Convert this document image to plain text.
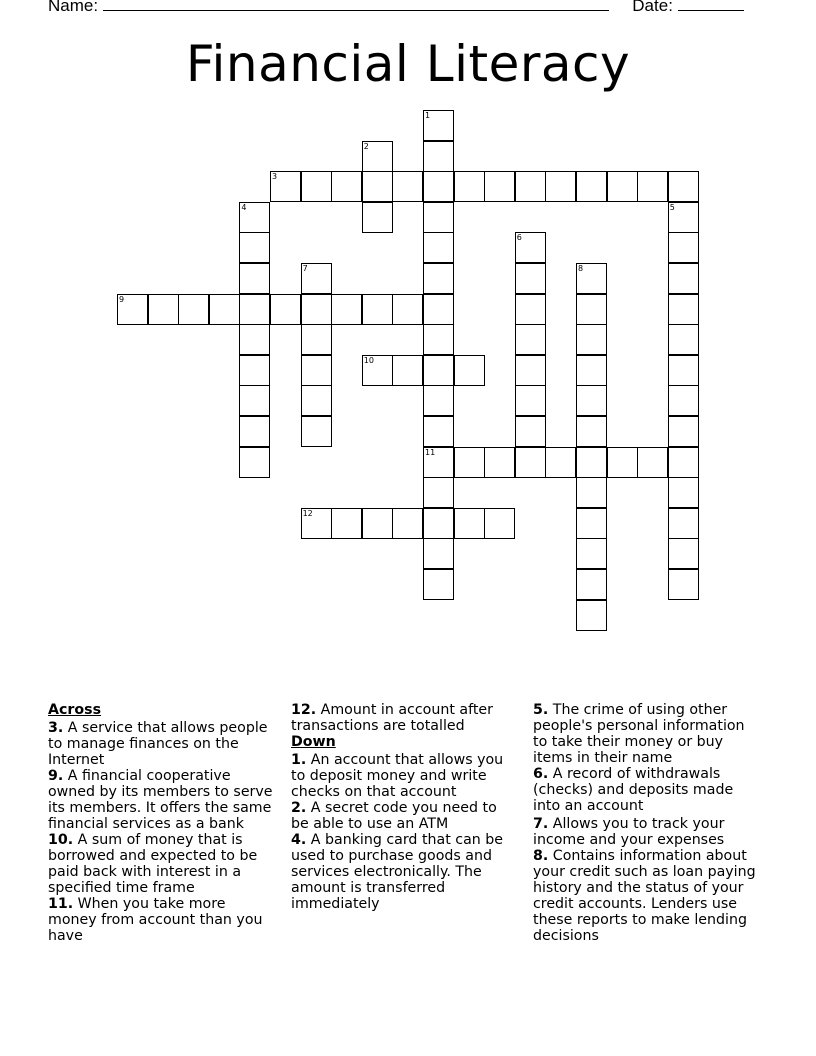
Name:	Date:
Financial Literacy
1
11
2
3
4	5
6
7	8
9
10
12
Across

3. A service that allows people to manage finances on the Internet

9. A financial cooperative owned by its members to serve its members. It offers the same financial services as a bank

10. A sum of money that is borrowed and expected to be paid back with interest in a specified time frame

11. When you take more money from account than you have

12. Amount in account after transactions are totalled

Down

1. An account that allows you to deposit money and write checks on that account

2. A secret code you need to be able to use an ATM

4. A banking card that can be used to purchase goods and services electronically. The amount is transferred immediately

5. The crime of using other people's personal information to take their money or buy items in their name

6. A record of withdrawals (checks) and deposits made into an account

7. Allows you to track your income and your expenses

8. Contains information about your credit such as loan paying history and the status of your credit accounts. Lenders use these reports to make lending decisions
